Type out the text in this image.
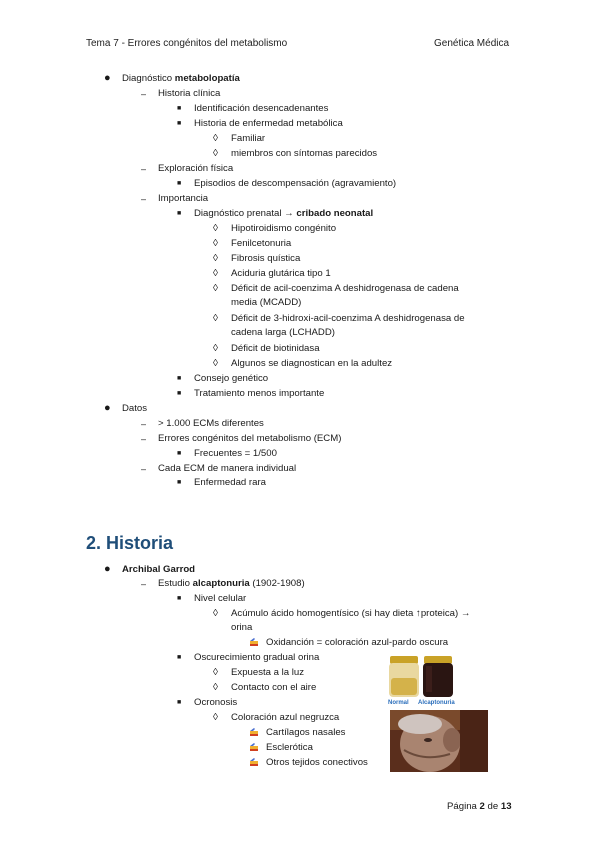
Tema 7 - Errores congénitos del metabolismo	Genética Médica
● Diagnóstico metabolopatía
– Historia clínica
■ Identificación desencadenantes
■ Historia de enfermedad metabólica
◊ Familiar
◊ miembros con síntomas parecidos
– Exploración física
■ Episodios de descompensación (agravamiento)
– Importancia
■ Diagnóstico prenatal → cribado neonatal
◊ Hipotiroidismo congénito
◊ Fenilcetonuria
◊ Fibrosis quística
◊ Aciduria glutárica tipo 1
◊ Déficit de acil-coenzima A deshidrogenasa de cadena
media (MCADD)
◊ Déficit de 3-hidroxi-acil-coenzima A deshidrogenasa de
cadena larga (LCHADD)
◊ Déficit de biotinidasa
◊ Algunos se diagnostican en la adultez
■ Consejo genético
■ Tratamiento menos importante
● Datos
– > 1.000 ECMs diferentes
– Errores congénitos del metabolismo (ECM)
■ Frecuentes = 1/500
– Cada ECM de manera individual
■ Enfermedad rara
2. Historia
● Archibal Garrod
– Estudio alcaptonuria (1902-1908)
■ Nivel celular
◊ Acúmulo ácido homogentísico (si hay dieta ↑proteica) →
orina
Oxidanción = coloración azul-pardo oscura
■ Oscurecimiento gradual orina
◊ Expuesta a la luz
◊ Contacto con el aire
■ Ocronosis
◊ Coloración azul negruzca
Cartílagos nasales
Esclerótica
Otros tejidos conectivos
Normal Alcaptonuria
Página 2 de 13
